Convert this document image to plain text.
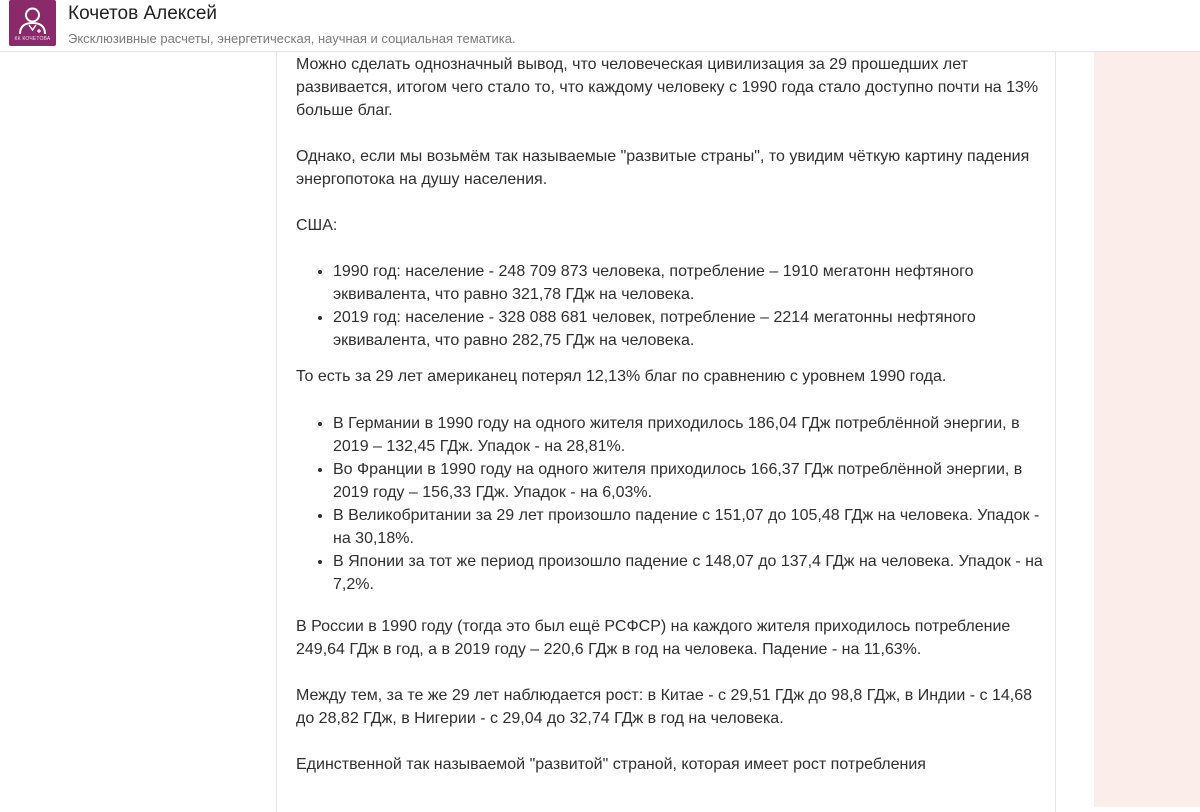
КК КОЧЕТОВА
Кочетов Алексей
Эксклюзивные расчеты, энергетическая, научная и социальная тематика.

Можно сделать однозначный вывод, что человеческая цивилизация за 29 прошедших лет развивается, итогом чего стало то, что каждому человеку с 1990 года стало доступно почти на 13% больше благ.

Однако, если мы возьмём так называемые "развитые страны", то увидим чёткую картину падения энергопотока на душу населения.

США:

• 1990 год: население - 248 709 873 человека, потребление – 1910 мегатонн нефтяного эквивалента, что равно 321,78 ГДж на человека.
• 2019 год: население - 328 088 681 человек, потребление – 2214 мегатонны нефтяного эквивалента, что равно 282,75 ГДж на человека.

То есть за 29 лет американец потерял 12,13% благ по сравнению с уровнем 1990 года.

• В Германии в 1990 году на одного жителя приходилось 186,04 ГДж потреблённой энергии, в 2019 – 132,45 ГДж. Упадок - на 28,81%.
• Во Франции в 1990 году на одного жителя приходилось 166,37 ГДж потреблённой энергии, в 2019 году – 156,33 ГДж. Упадок - на 6,03%.
• В Великобритании за 29 лет произошло падение с 151,07 до 105,48 ГДж на человека. Упадок - на 30,18%.
• В Японии за тот же период произошло падение с 148,07 до 137,4 ГДж на человека. Упадок - на 7,2%.

В России в 1990 году (тогда это был ещё РСФСР) на каждого жителя приходилось потребление 249,64 ГДж в год, а в 2019 году – 220,6 ГДж в год на человека. Падение - на 11,63%.

Между тем, за те же 29 лет наблюдается рост: в Китае - с 29,51 ГДж до 98,8 ГДж, в Индии - с 14,68 до 28,82 ГДж, в Нигерии - с 29,04 до 32,74 ГДж в год на человека.

Единственной так называемой "развитой" страной, которая имеет рост потребления
